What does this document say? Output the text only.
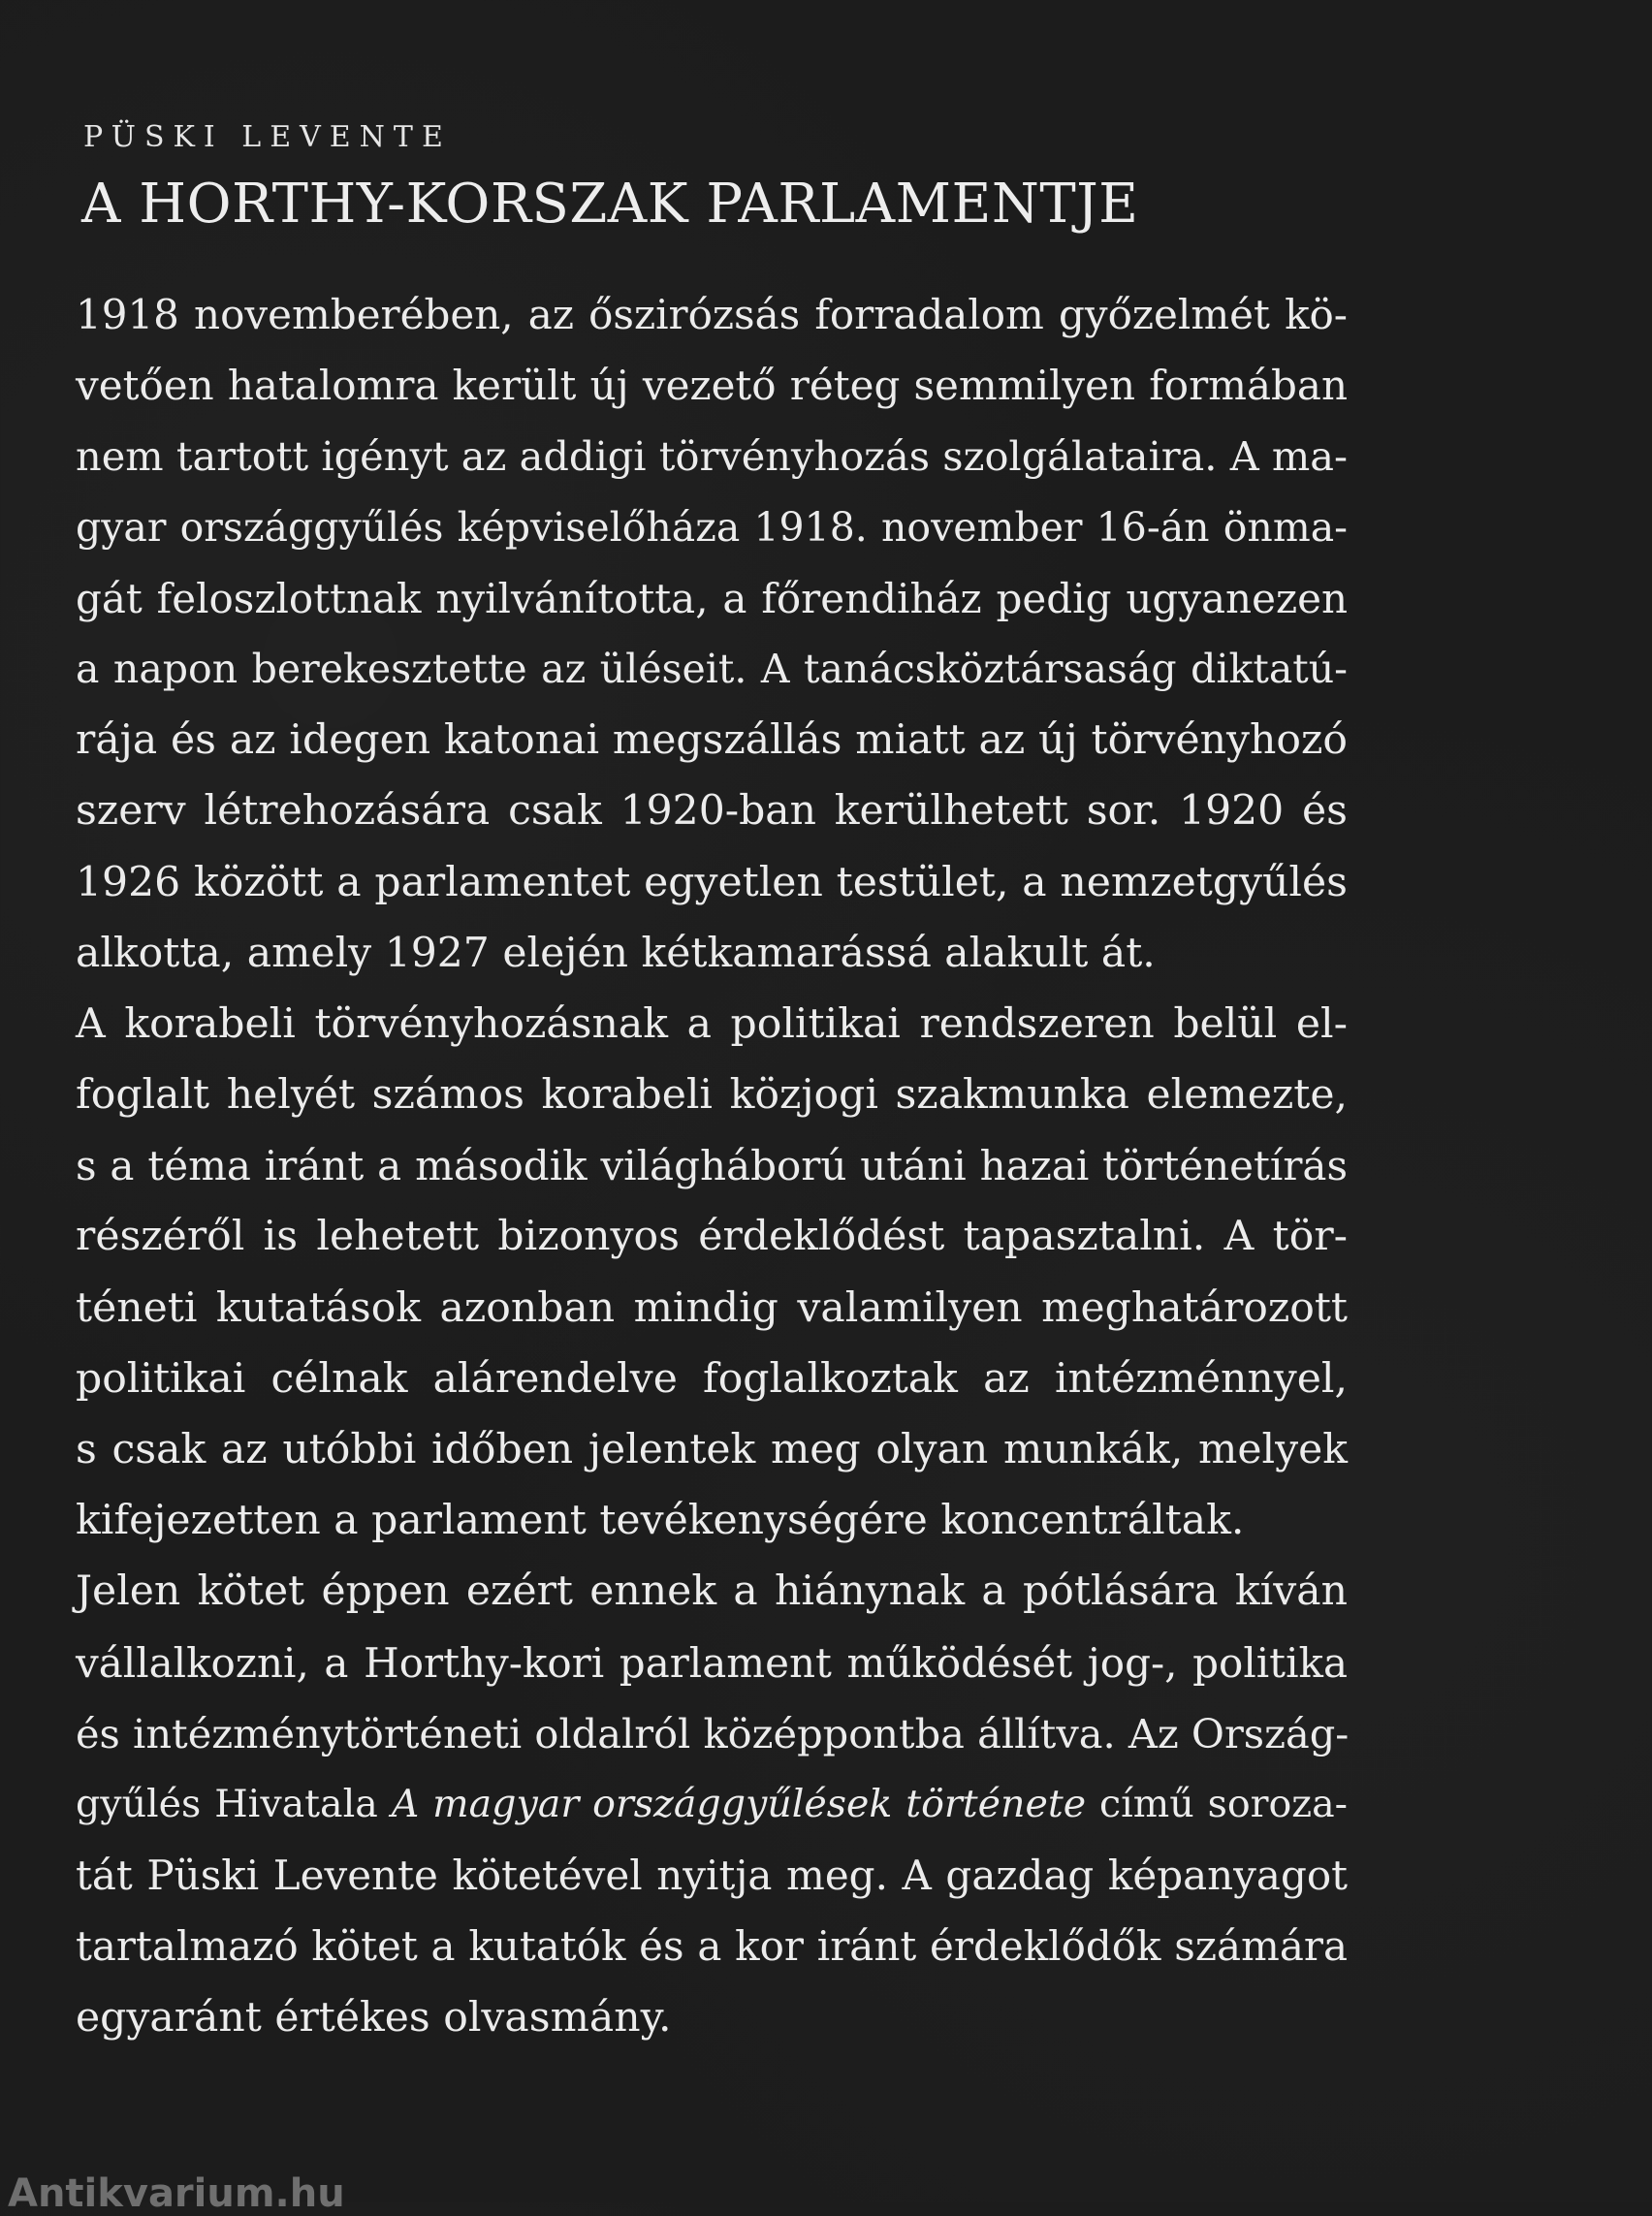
PÜSKI LEVENTE
A HORTHY-KORSZAK PARLAMENTJE
1918 novemberében, az őszirózsás forradalom győzelmét kö-
vetően hatalomra került új vezető réteg semmilyen formában
nem tartott igényt az addigi törvényhozás szolgálataira. A ma-
gyar országgyűlés képviselőháza 1918. november 16-án önma-
gát feloszlottnak nyilvánította, a főrendiház pedig ugyanezen
a napon berekesztette az üléseit. A tanácsköztársaság diktatú-
rája és az idegen katonai megszállás miatt az új törvényhozó
szerv létrehozására csak 1920-ban kerülhetett sor. 1920 és
1926 között a parlamentet egyetlen testület, a nemzetgyűlés
alkotta, amely 1927 elején kétkamarássá alakult át.
A korabeli törvényhozásnak a politikai rendszeren belül el-
foglalt helyét számos korabeli közjogi szakmunka elemezte,
s a téma iránt a második világháború utáni hazai történetírás
részéről is lehetett bizonyos érdeklődést tapasztalni. A tör-
téneti kutatások azonban mindig valamilyen meghatározott
politikai célnak alárendelve foglalkoztak az intézménnyel,
s csak az utóbbi időben jelentek meg olyan munkák, melyek
kifejezetten a parlament tevékenységére koncentráltak.
Jelen kötet éppen ezért ennek a hiánynak a pótlására kíván
vállalkozni, a Horthy-kori parlament működését jog-, politika
és intézménytörténeti oldalról középpontba állítva. Az Ország-
gyűlés Hivatala A magyar országgyűlések története című soroza-
tát Püski Levente kötetével nyitja meg. A gazdag képanyagot
tartalmazó kötet a kutatók és a kor iránt érdeklődők számára
egyaránt értékes olvasmány.
Antikvarium.hu
